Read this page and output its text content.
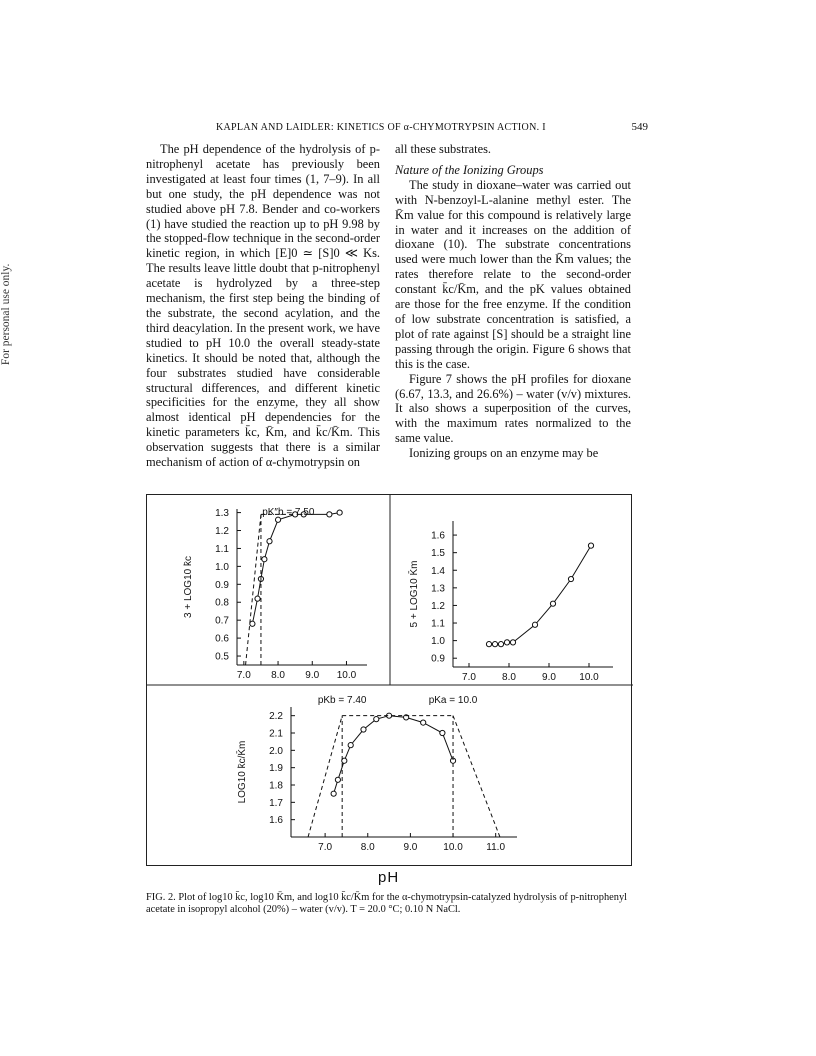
For personal use only.
KAPLAN AND LAIDLER: KINETICS OF α-CHYMOTRYPSIN ACTION. I	549

The pH dependence of the hydrolysis of p-nitrophenyl acetate has previously been investigated at least four times (1, 7–9). In all but one study, the pH dependence was not studied above pH 7.8. Bender and co-workers (1) have studied the reaction up to pH 9.98 by the stopped-flow technique in the second-order kinetic region, in which [E]0 ≃ [S]0 ≪ Ks. The results leave little doubt that p-nitrophenyl acetate is hydrolyzed by a three-step mechanism, the first step being the binding of the substrate, the second acylation, and the third deacylation. In the present work, we have studied to pH 10.0 the overall steady-state kinetics. It should be noted that, although the four substrates studied have considerable structural differences, and different kinetic specificities for the enzyme, they all show almost identical pH dependencies for the kinetic parameters k̄c, K̄m, and k̄c/K̄m. This observation suggests that there is a similar mechanism of action of α-chymotrypsin on

all these substrates.

Nature of the Ionizing Groups

The study in dioxane–water was carried out with N-benzoyl-L-alanine methyl ester. The K̄m value for this compound is relatively large in water and it increases on the addition of dioxane (10). The substrate concentrations used were much lower than the K̄m values; the rates therefore relate to the second-order constant k̄c/K̄m, and the pK values obtained are those for the free enzyme. If the condition of low substrate concentration is satisfied, a plot of rate against [S] should be a straight line passing through the origin. Figure 6 shows that this is the case.

Figure 7 shows the pH profiles for dioxane (6.67, 13.3, and 26.6%) – water (v/v) mixtures. It also shows a superposition of the curves, with the maximum rates normalized to the same value.

Ionizing groups on an enzyme may be

0.5
0.6
0.7
0.8
0.9
1.0
1.1
1.2
1.3
7.0 8.0 9.0 10.0
3 + LOG10 k̄c
pK″b = 7.50
0.9
1.0
1.1
1.2
1.3
1.4
1.5
1.6
7.0	8.0	9.0 10.0
5 + LOG10 K̄m
1.6
1.7
1.8
1.9
2.0
2.1
2.2
7.0	8.0	9.0	10.0 11.0
LOG10 k̄c/K̄m
pKb = 7.40	pKa = 10.0
pH
FIG. 2. Plot of log10 k̄c, log10 K̄m, and log10 k̄c/K̄m for the α-chymotrypsin-catalyzed hydrolysis of p-nitrophenyl acetate in isopropyl alcohol (20%) – water (v/v). T = 20.0 °C; 0.10 N NaCl.
